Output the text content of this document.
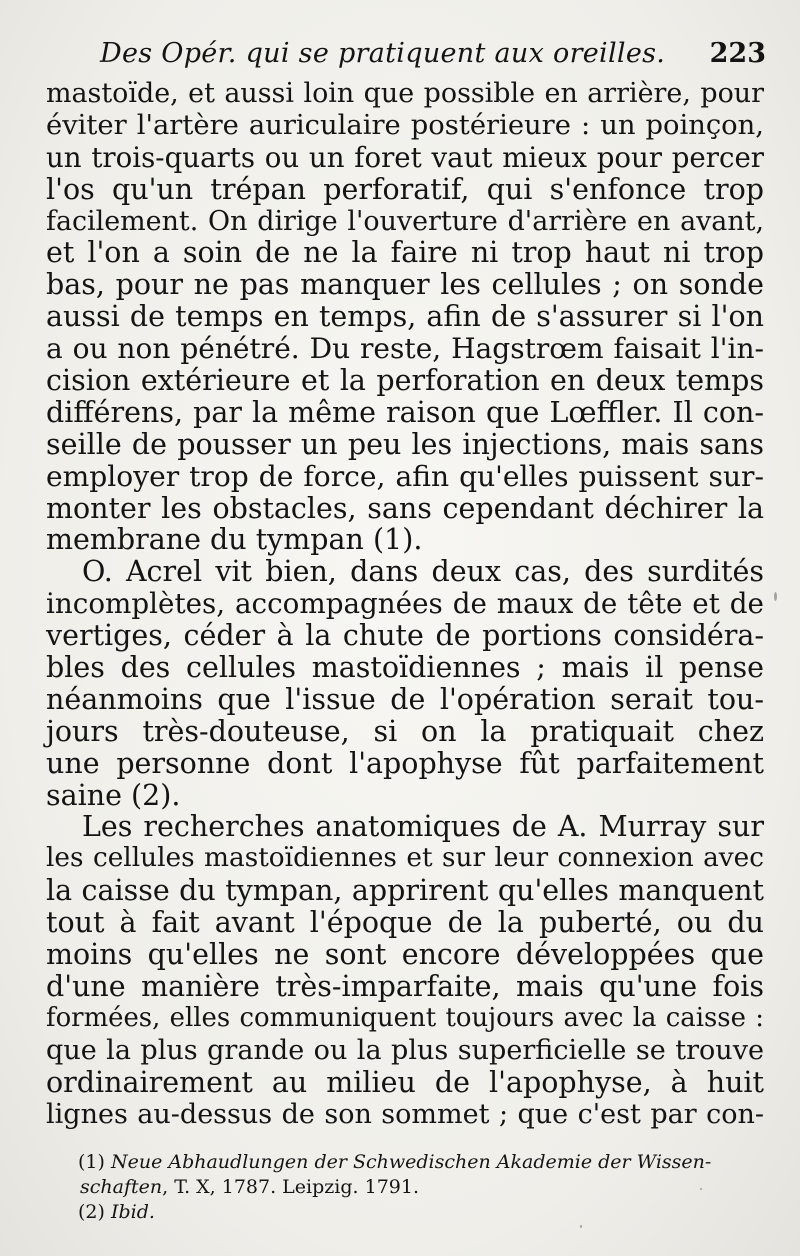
Des Opér. qui se pratiquent aux oreilles. 223
mastoïde, et aussi loin que possible en arrière, pour
éviter l'artère auriculaire postérieure : un poinçon,
un trois-quarts ou un foret vaut mieux pour percer
l'os qu'un trépan perforatif, qui s'enfonce trop
facilement. On dirige l'ouverture d'arrière en avant,
et l'on a soin de ne la faire ni trop haut ni trop
bas, pour ne pas manquer les cellules ; on sonde
aussi de temps en temps, afin de s'assurer si l'on
a ou non pénétré. Du reste, Hagstrœm faisait l'in-
cision extérieure et la perforation en deux temps
différens, par la même raison que Lœffler. Il con-
seille de pousser un peu les injections, mais sans
employer trop de force, afin qu'elles puissent sur-
monter les obstacles, sans cependant déchirer la
membrane du tympan (1).
O. Acrel vit bien, dans deux cas, des surdités
incomplètes, accompagnées de maux de tête et de
vertiges, céder à la chute de portions considéra-
bles des cellules mastoïdiennes ; mais il pense
néanmoins que l'issue de l'opération serait tou-
jours très-douteuse, si on la pratiquait chez
une personne dont l'apophyse fût parfaitement
saine (2).
Les recherches anatomiques de A. Murray sur
les cellules mastoïdiennes et sur leur connexion avec
la caisse du tympan, apprirent qu'elles manquent
tout à fait avant l'époque de la puberté, ou du
moins qu'elles ne sont encore développées que
d'une manière très-imparfaite, mais qu'une fois
formées, elles communiquent toujours avec la caisse :
que la plus grande ou la plus superficielle se trouve
ordinairement au milieu de l'apophyse, à huit
lignes au-dessus de son sommet ; que c'est par con-
(1) Neue Abhaudlungen der Schwedischen Akademie der Wissen-
schaften, T. X, 1787. Leipzig. 1791.
(2) Ibid.
